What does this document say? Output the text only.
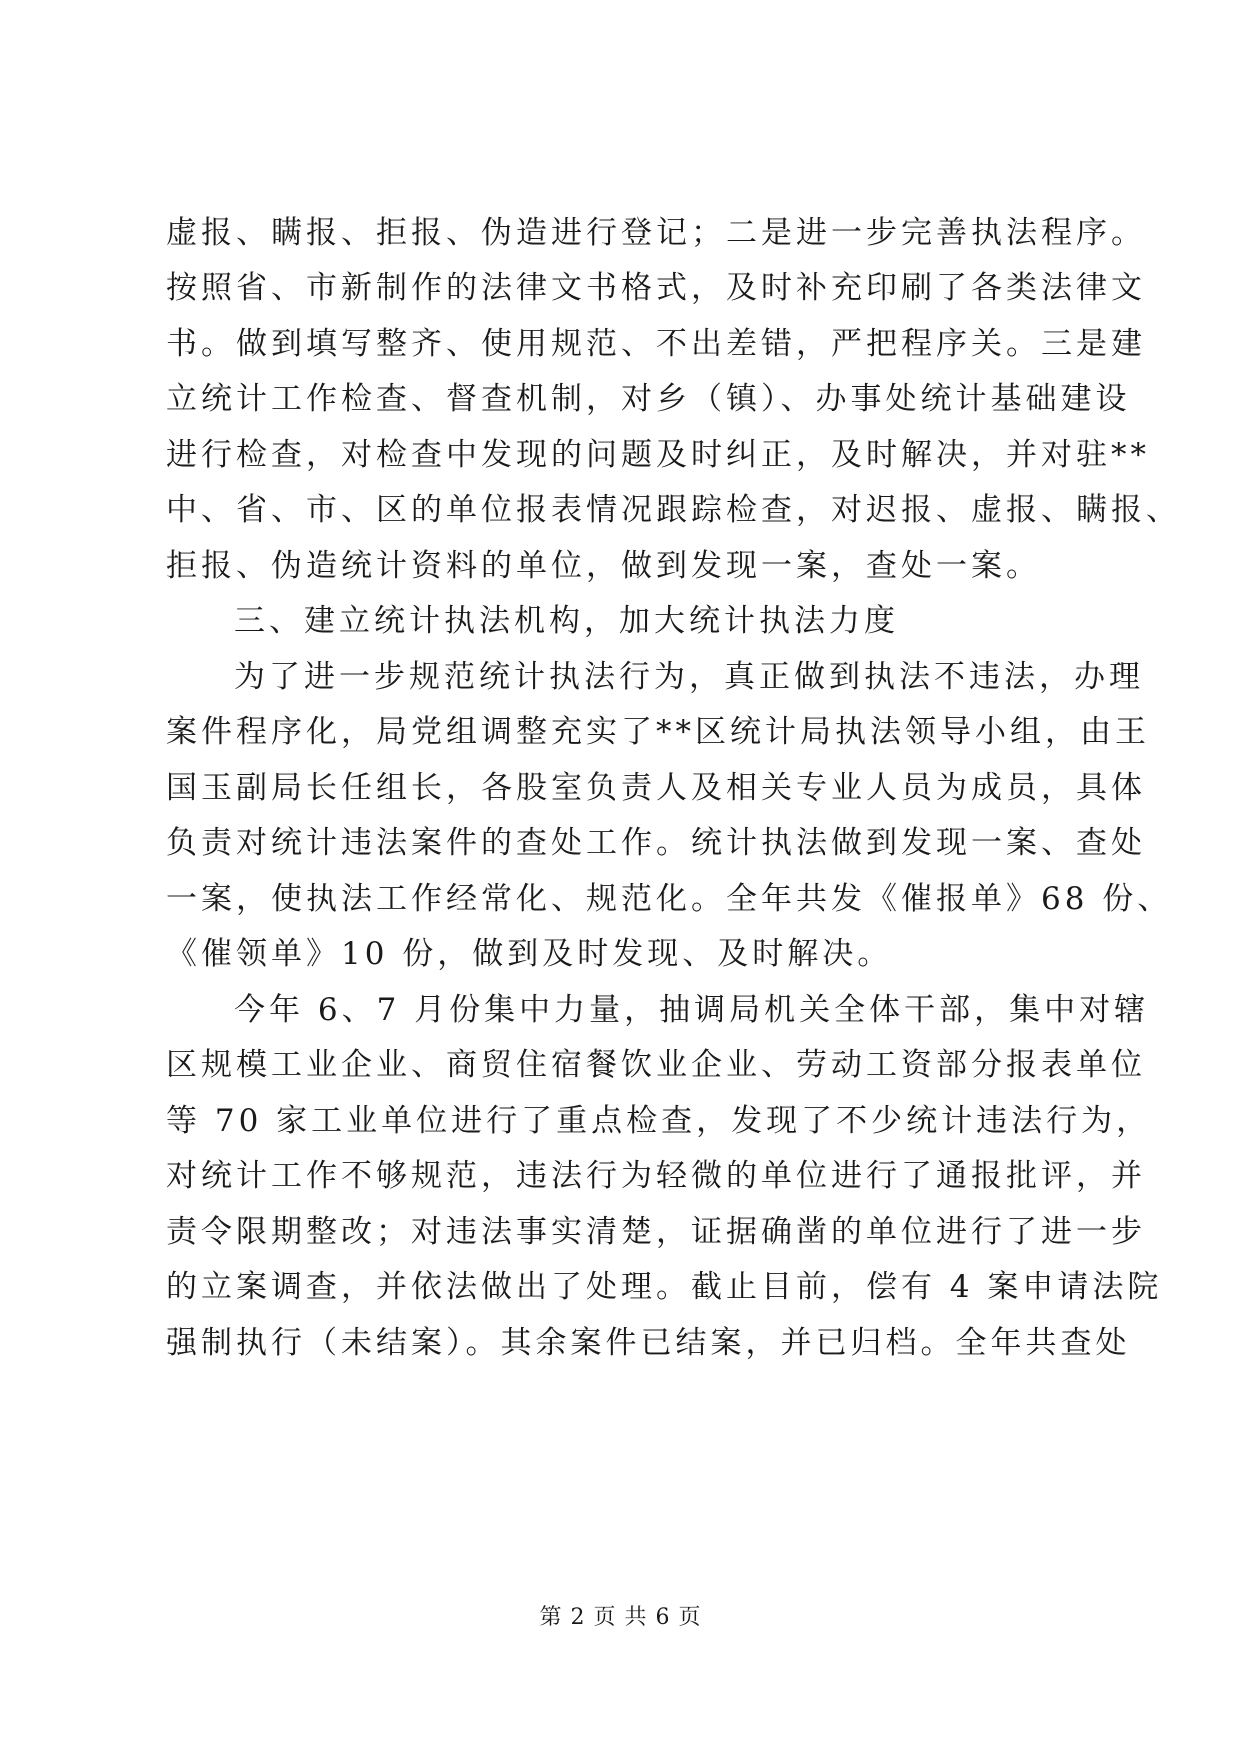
虚报、瞒报、拒报、伪造进行登记；二是进一步完善执法程序。
按照省、市新制作的法律文书格式，及时补充印刷了各类法律文
书。做到填写整齐、使用规范、不出差错，严把程序关。三是建
立统计工作检查、督查机制，对乡（镇）、办事处统计基础建设
进行检查，对检查中发现的问题及时纠正，及时解决，并对驻**
中、省、市、区的单位报表情况跟踪检查，对迟报、虚报、瞒报、
拒报、伪造统计资料的单位，做到发现一案，查处一案。
三、建立统计执法机构，加大统计执法力度
为了进一步规范统计执法行为，真正做到执法不违法，办理
案件程序化，局党组调整充实了**区统计局执法领导小组，由王
国玉副局长任组长，各股室负责人及相关专业人员为成员，具体
负责对统计违法案件的查处工作。统计执法做到发现一案、查处
一案，使执法工作经常化、规范化。全年共发《催报单》68 份、
《催领单》10 份，做到及时发现、及时解决。
今年 6、7 月份集中力量，抽调局机关全体干部，集中对辖
区规模工业企业、商贸住宿餐饮业企业、劳动工资部分报表单位
等 70 家工业单位进行了重点检查，发现了不少统计违法行为，
对统计工作不够规范，违法行为轻微的单位进行了通报批评，并
责令限期整改；对违法事实清楚，证据确凿的单位进行了进一步
的立案调查，并依法做出了处理。截止目前，偿有 4 案申请法院
强制执行（未结案）。其余案件已结案，并已归档。全年共查处
第 2 页 共 6 页
